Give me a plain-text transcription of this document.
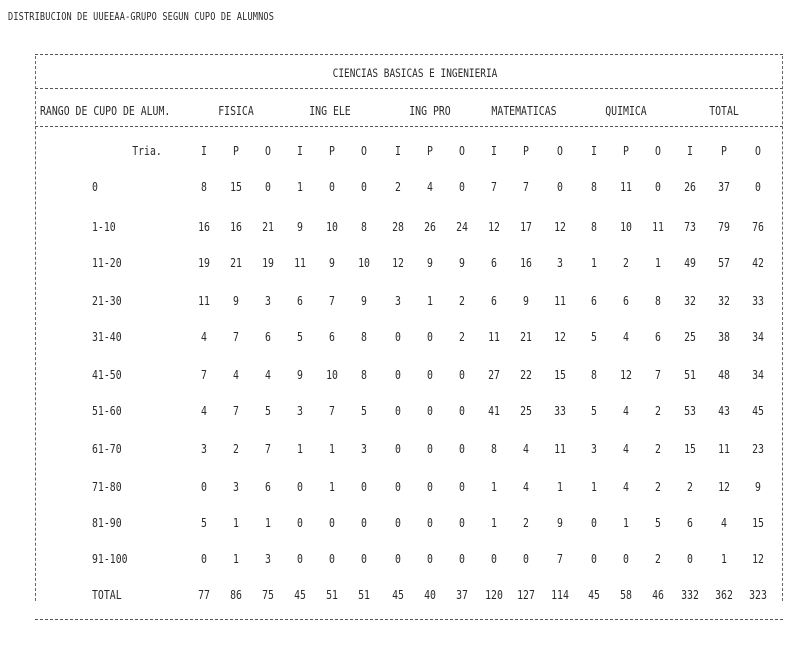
DISTRIBUCION DE UUEEAA-GRUPO SEGUN CUPO DE ALUMNOS
CIENCIAS BASICAS E INGENIERIA
RANGO DE CUPO DE ALUM.	FISICA	ING ELE	ING PRO	MATEMATICAS	QUIMICA	TOTAL
Tria.	I	P	O	I	P	O	I	P	O	I	P	O	I	P	O	I	P	O
0	8	15	0	1	0	0	2	4	0	7	7	0	8	11	0	26	37	0
1-10	16	16	21	9	10	8	28	26	24	12	17	12	8	10	11	73	79	76
11-20	19	21	19	11	9	10	12	9	9	6	16	3	1	2	1	49	57	42
21-30	11	9	3	6	7	9	3	1	2	6	9	11	6	6	8	32	32	33
31-40	4	7	6	5	6	8	0	0	2	11	21	12	5	4	6	25	38	34
41-50	7	4	4	9	10	8	0	0	0	27	22	15	8	12	7	51	48	34
51-60	4	7	5	3	7	5	0	0	0	41	25	33	5	4	2	53	43	45
61-70	3	2	7	1	1	3	0	0	0	8	4	11	3	4	2	15	11	23
71-80	0	3	6	0	1	0	0	0	0	1	4	1	1	4	2	2	12	9
81-90	5	1	1	0	0	0	0	0	0	1	2	9	0	1	5	6	4	15
91-100	0	1	3	0	0	0	0	0	0	0	0	7	0	0	2	0	1	12
TOTAL	77	86	75	45	51	51	45	40	37	120	127	114	45	58	46	332	362	323
